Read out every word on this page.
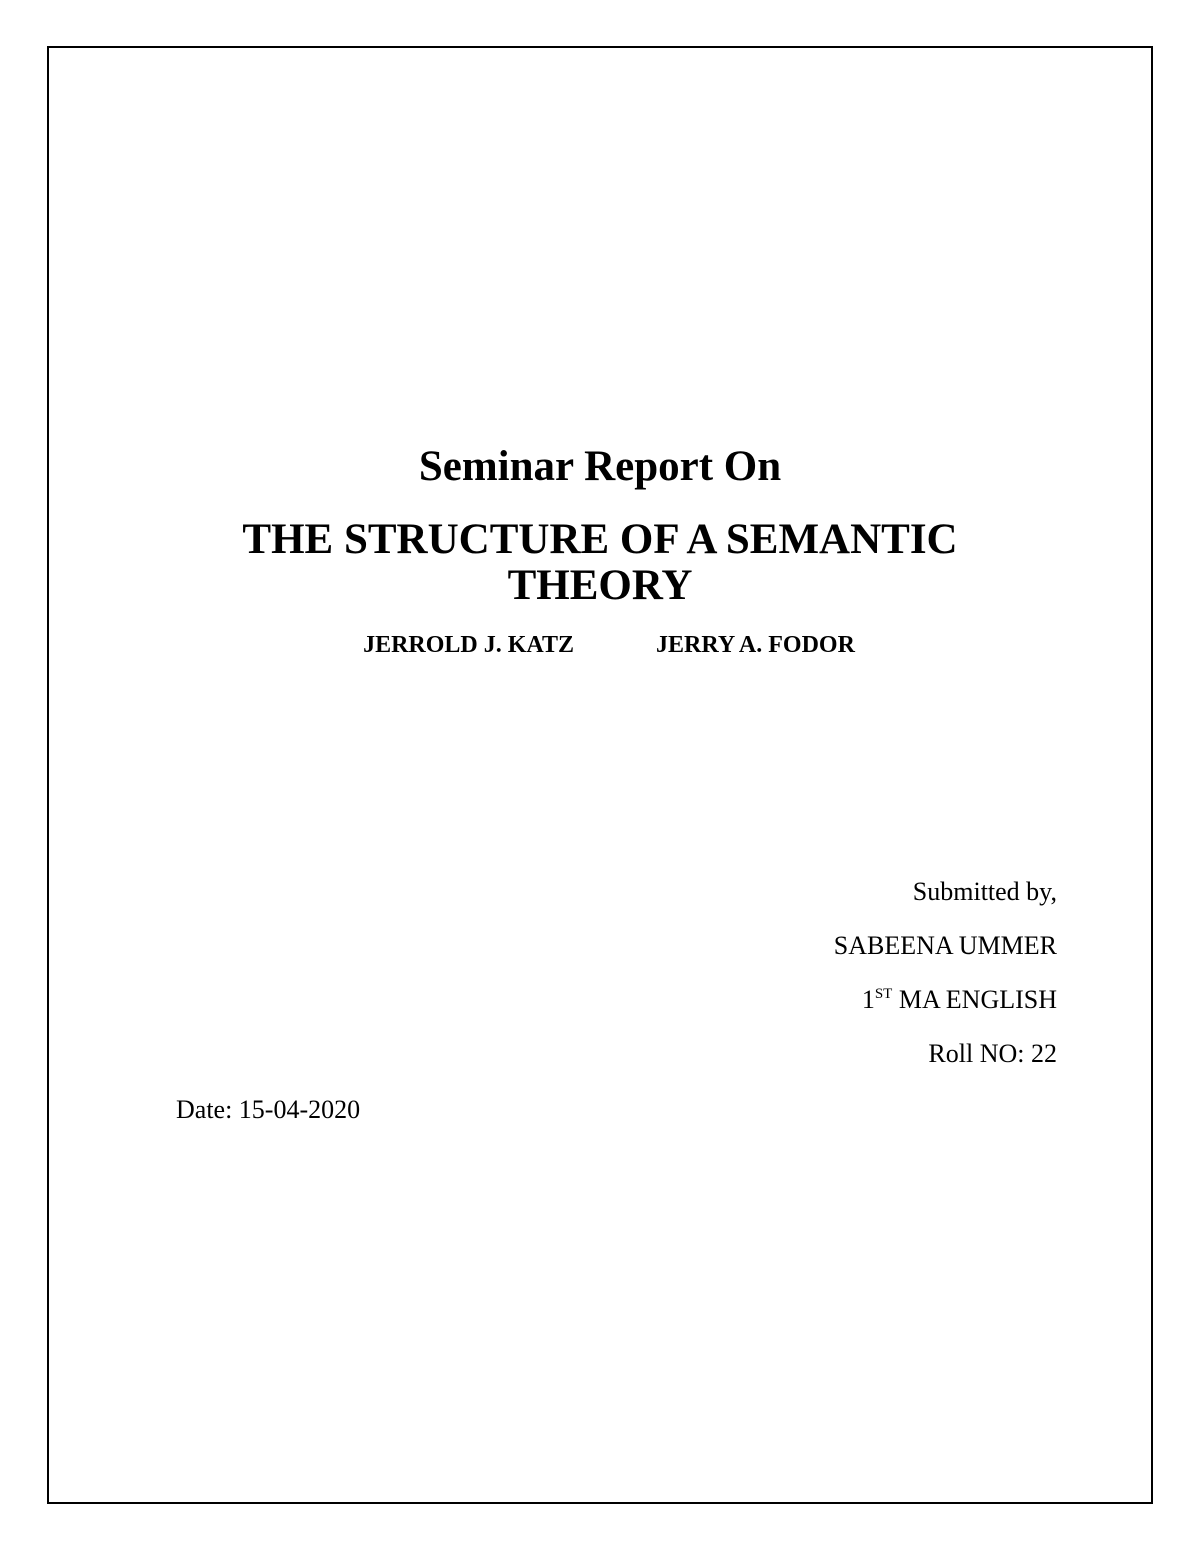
Seminar Report On

THE STRUCTURE OF A SEMANTIC THEORY

JERROLD J. KATZ	JERRY A. FODOR
Submitted by,
SABEENA UMMER
1ST MA ENGLISH
Roll NO: 22
Date: 15-04-2020
